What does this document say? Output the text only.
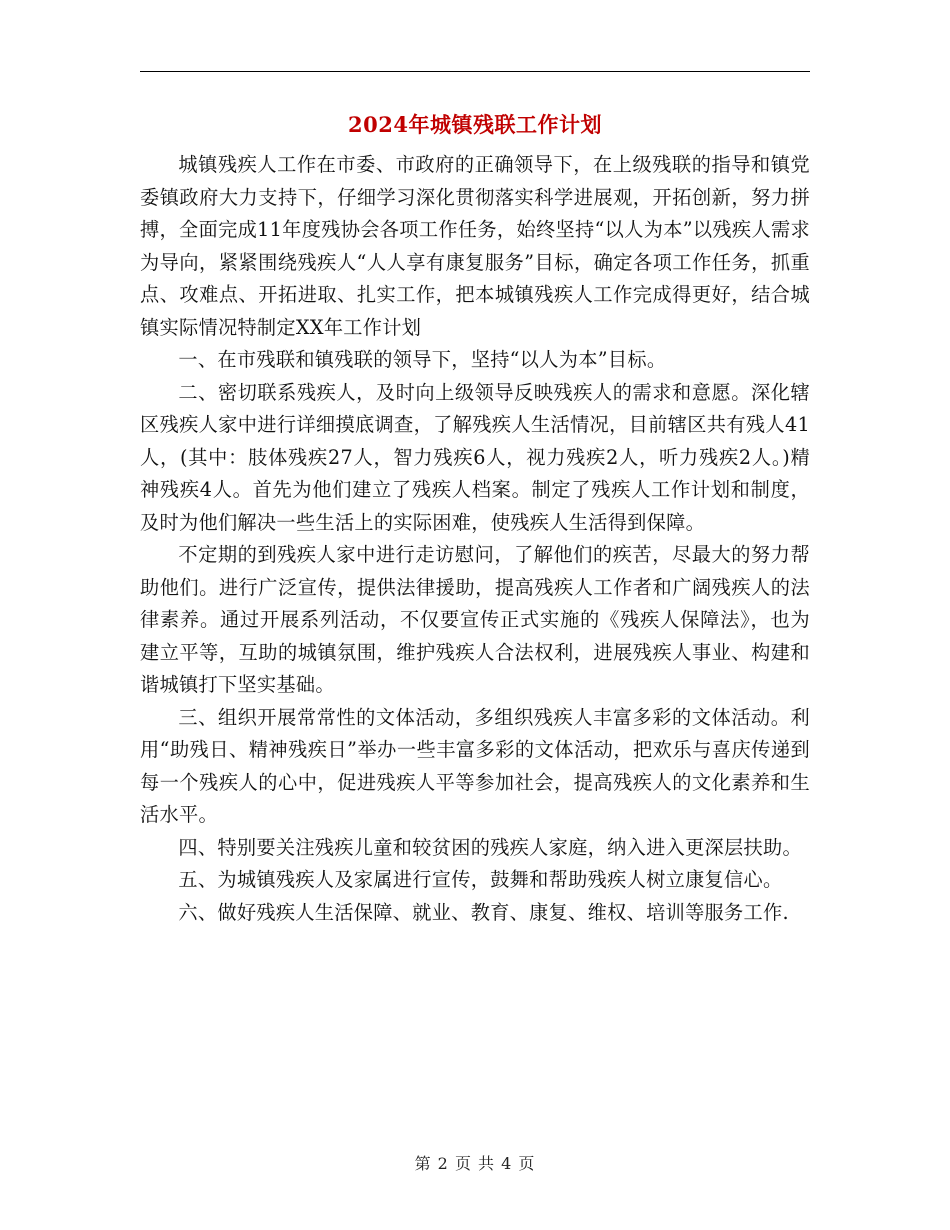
2024年城镇残联工作计划

城镇残疾人工作在市委、市政府的正确领导下，在上级残联的指导和镇党委镇政府大力支持下，仔细学习深化贯彻落实科学进展观，开拓创新，努力拼搏，全面完成11年度残协会各项工作任务，始终坚持“以人为本”以残疾人需求为导向，紧紧围绕残疾人“人人享有康复服务”目标，确定各项工作任务，抓重点、攻难点、开拓进取、扎实工作，把本城镇残疾人工作完成得更好，结合城镇实际情况特制定XX年工作计划

一、在市残联和镇残联的领导下，坚持“以人为本”目标。

二、密切联系残疾人，及时向上级领导反映残疾人的需求和意愿。深化辖区残疾人家中进行详细摸底调查，了解残疾人生活情况，目前辖区共有残人41人，(其中：肢体残疾27人，智力残疾6人，视力残疾2人，听力残疾2人。)精神残疾4人。首先为他们建立了残疾人档案。制定了残疾人工作计划和制度，及时为他们解决一些生活上的实际困难，使残疾人生活得到保障。

不定期的到残疾人家中进行走访慰问，了解他们的疾苦，尽最大的努力帮助他们。进行广泛宣传，提供法律援助，提高残疾人工作者和广阔残疾人的法律素养。通过开展系列活动，不仅要宣传正式实施的《残疾人保障法》，也为建立平等，互助的城镇氛围，维护残疾人合法权利，进展残疾人事业、构建和谐城镇打下坚实基础。

三、组织开展常常性的文体活动，多组织残疾人丰富多彩的文体活动。利用“助残日、精神残疾日”举办一些丰富多彩的文体活动，把欢乐与喜庆传递到每一个残疾人的心中，促进残疾人平等参加社会，提高残疾人的文化素养和生活水平。

四、特别要关注残疾儿童和较贫困的残疾人家庭，纳入进入更深层扶助。

五、为城镇残疾人及家属进行宣传，鼓舞和帮助残疾人树立康复信心。

六、做好残疾人生活保障、就业、教育、康复、维权、培训等服务工作.

第 2 页 共 4 页
